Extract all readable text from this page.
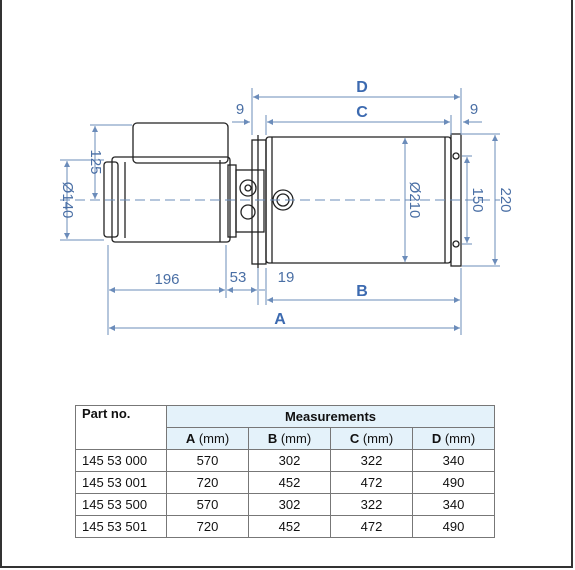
D
C
9	9
125
Ø140	Ø210	150 220
196	53 19
B
A
Part no.	Measurements			
	A (mm)	B (mm)	C (mm)	D (mm)
145 53 000	570	302	322	340
145 53 001	720	452	472	490
145 53 500	570	302	322	340
145 53 501	720	452	472	490
